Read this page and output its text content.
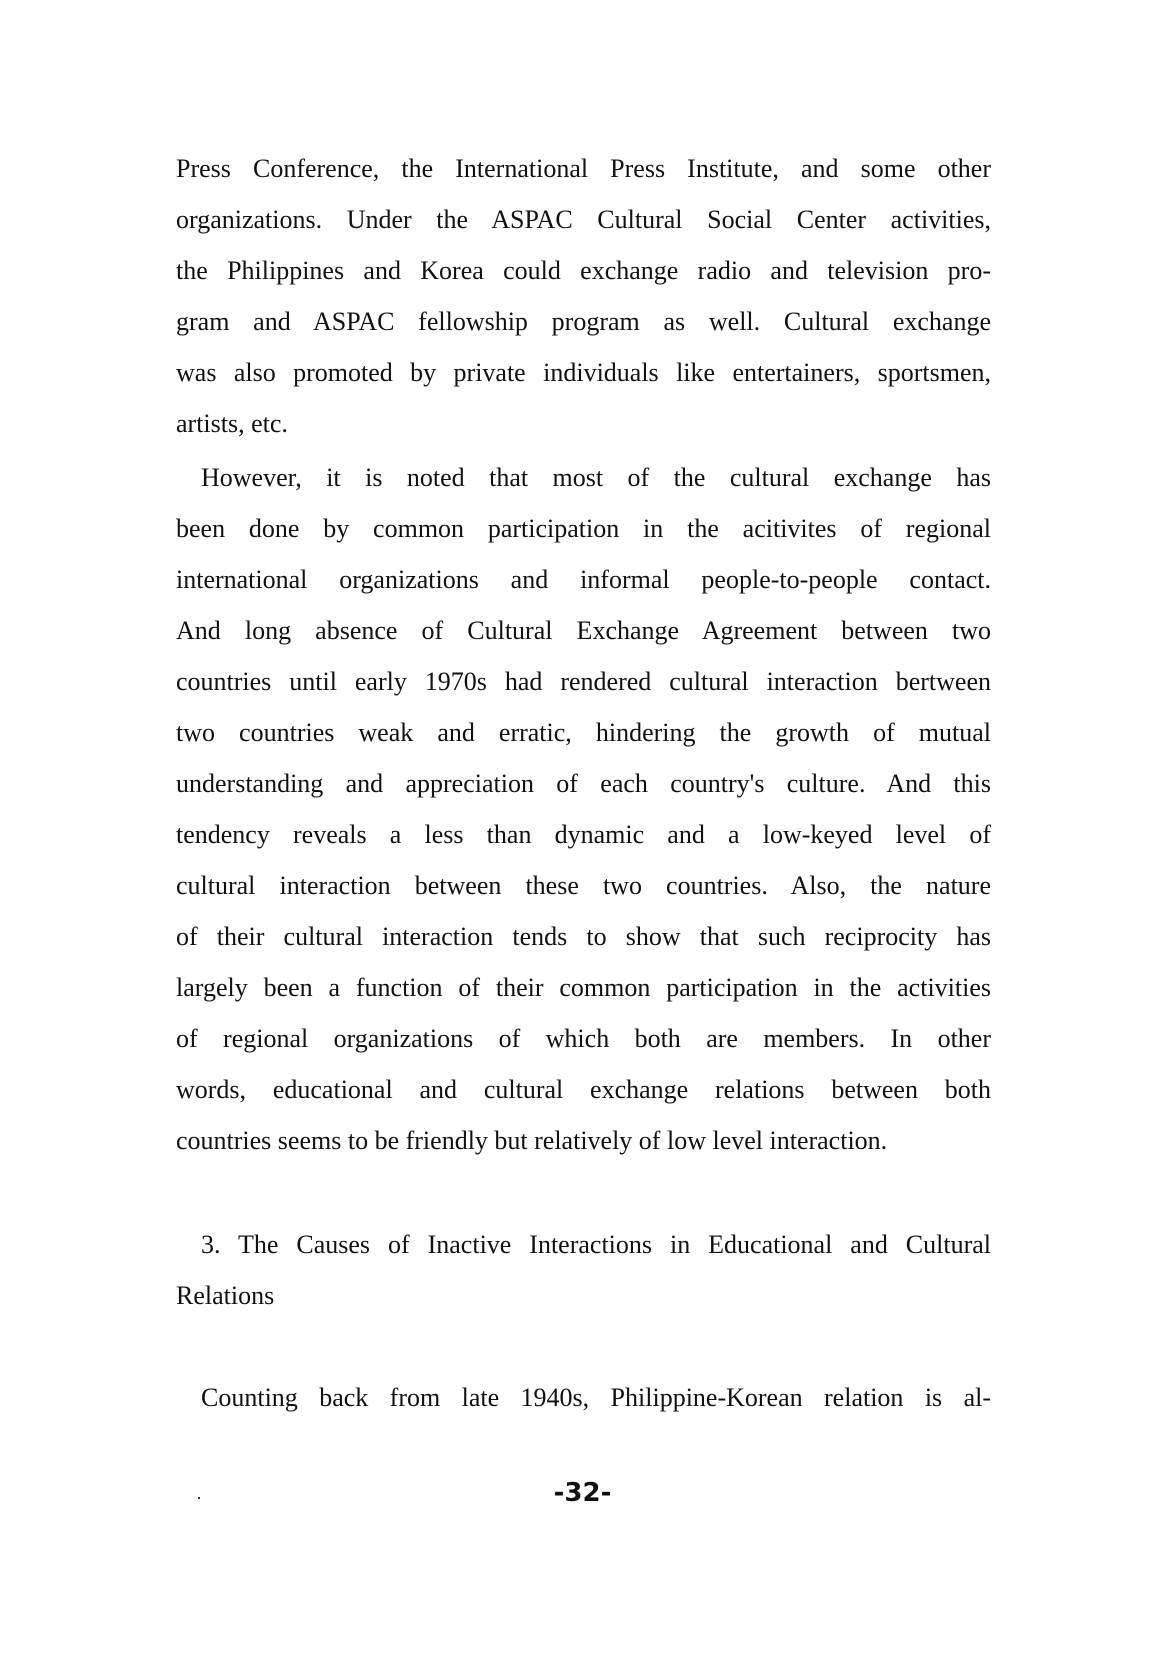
Press Conference, the International Press Institute, and some other
organizations. Under the ASPAC Cultural Social Center activities,
the Philippines and Korea could exchange radio and television pro-
gram and ASPAC fellowship program as well. Cultural exchange
was also promoted by private individuals like entertainers, sportsmen,
artists, etc.
However, it is noted that most of the cultural exchange has
been done by common participation in the acitivites of regional
international organizations and informal people-to-people contact.
And long absence of Cultural Exchange Agreement between two
countries until early 1970s had rendered cultural interaction bertween
two countries weak and erratic, hindering the growth of mutual
understanding and appreciation of each country's culture. And this
tendency reveals a less than dynamic and a low-keyed level of
cultural interaction between these two countries. Also, the nature
of their cultural interaction tends to show that such reciprocity has
largely been a function of their common participation in the activities
of regional organizations of which both are members. In other
words, educational and cultural exchange relations between both
countries seems to be friendly but relatively of low level interaction.
3. The Causes of Inactive Interactions in Educational and Cultural
Relations
Counting back from late 1940s, Philippine-Korean relation is al-
-32-
